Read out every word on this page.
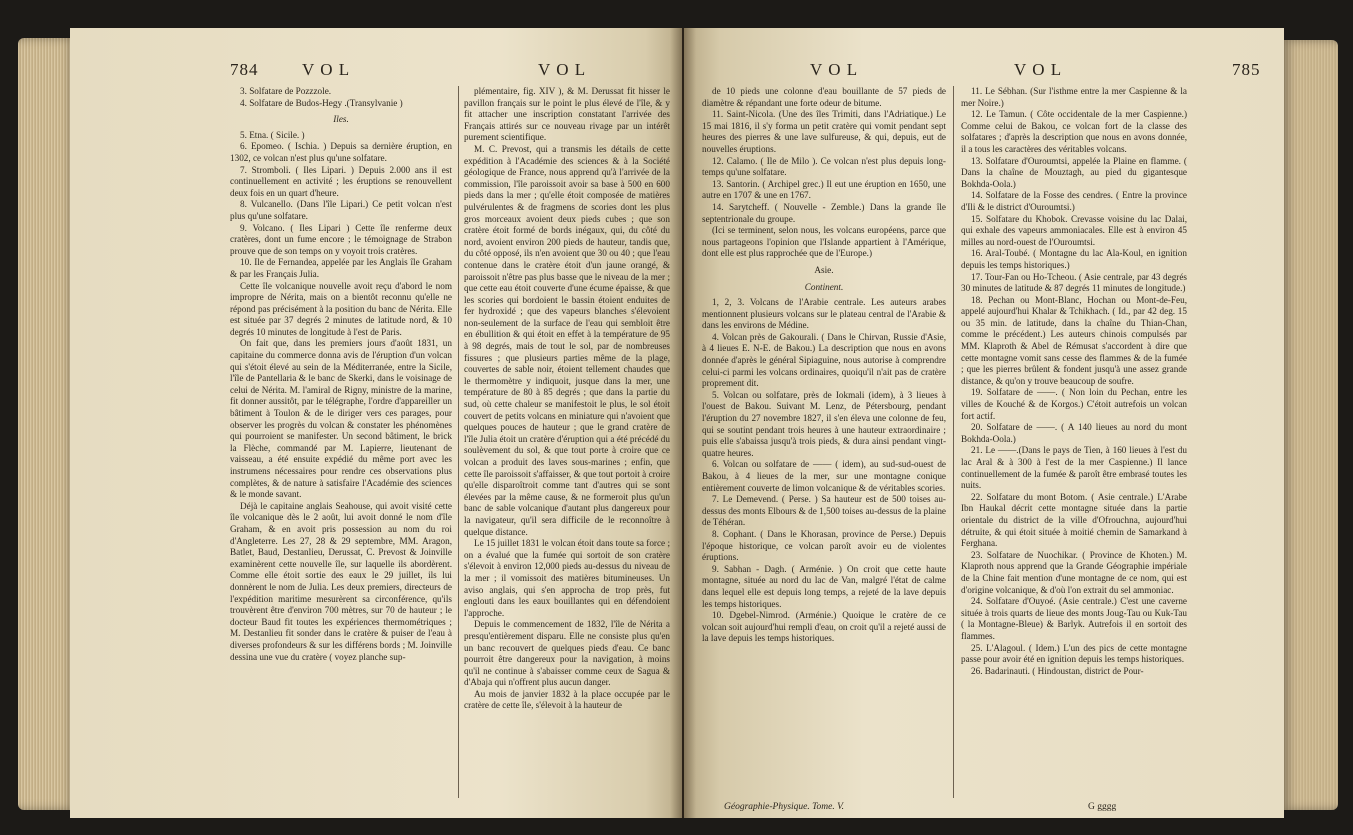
784	V O L	V O L

3. Solfatare de Pozzzole.

4. Solfatare de Budos-Hegy .(Transylvanie )

Iles.

5. Etna. ( Sicile. )

6. Epomeo. ( Ischia. ) Depuis sa dernière éruption, en 1302, ce volcan n'est plus qu'une solfatare.

7. Stromboli. ( Iles Lipari. ) Depuis 2.000 ans il est continuellement en activité ; les éruptions se renouvellent deux fois en un quart d'heure.

8. Vulcanello. (Dans l'île Lipari.) Ce petit volcan n'est plus qu'une solfatare.

9. Volcano. ( Iles Lipari ) Cette île renferme deux cratères, dont un fume encore ; le témoignage de Strabon prouve que de son temps on y voyoit trois cratères.

10. Ile de Fernandea, appelée par les Anglais île Graham & par les Français Julia.

Cette île volcanique nouvelle avoit reçu d'abord le nom impropre de Nérita, mais on a bientôt reconnu qu'elle ne répond pas précisément à la position du banc de Nérita. Elle est située par 37 degrés 2 minutes de latitude nord, & 10 degrés 10 minutes de longitude à l'est de Paris.

On fait que, dans les premiers jours d'août 1831, un capitaine du commerce donna avis de l'éruption d'un volcan qui s'étoit élevé au sein de la Méditerranée, entre la Sicile, l'île de Pantellaria & le banc de Skerki, dans le voisinage de celui de Nérita. M. l'amiral de Rigny, ministre de la marine, fit donner aussitôt, par le télégraphe, l'ordre d'appareiller un bâtiment à Toulon & de le diriger vers ces parages, pour observer les progrès du volcan & constater les phénomènes qui pourroient se manifester. Un second bâtiment, le brick la Flèche, commandé par M. Lapierre, lieutenant de vaisseau, a été ensuite expédié du même port avec les instrumens nécessaires pour rendre ces observations plus complètes, & de nature à satisfaire l'Académie des sciences & le monde savant.

Déjà le capitaine anglais Seahouse, qui avoit visité cette île volcanique dès le 2 août, lui avoit donné le nom d'île Graham, & en avoit pris possession au nom du roi d'Angleterre. Les 27, 28 & 29 septembre, MM. Aragon, Batlet, Baud, Destanlieu, Derussat, C. Prevost & Joinville examinèrent cette nouvelle île, sur laquelle ils abordèrent. Comme elle étoit sortie des eaux le 29 juillet, ils lui donnèrent le nom de Julia. Les deux premiers, directeurs de l'expédition maritime mesurèrent sa circonférence, qu'ils trouvèrent être d'environ 700 mètres, sur 70 de hauteur ; le docteur Baud fit toutes les expériences thermométriques ; M. Destanlieu fit sonder dans le cratère & puiser de l'eau à diverses profondeurs & sur les différens bords ; M. Joinville dessina une vue du cratère ( voyez planche sup-

plémentaire, fig. XIV ), & M. Derussat fit hisser le pavillon français sur le point le plus élevé de l'île, & y fit attacher une inscription constatant l'arrivée des Français attirés sur ce nouveau rivage par un intérêt purement scientifique.

M. C. Prevost, qui a transmis les détails de cette expédition à l'Académie des sciences & à la Société géologique de France, nous apprend qu'à l'arrivée de la commission, l'île paroissoit avoir sa base à 500 en 600 pieds dans la mer ; qu'elle étoit composée de matières pulvérulentes & de fragmens de scories dont les plus gros morceaux avoient deux pieds cubes ; que son cratère étoit formé de bords inégaux, qui, du côté du nord, avoient environ 200 pieds de hauteur, tandis que, du côté opposé, ils n'en avoient que 30 ou 40 ; que l'eau contenue dans le cratère étoit d'un jaune orangé, & paroissoit n'être pas plus basse que le niveau de la mer ; que cette eau étoit couverte d'une écume épaisse, & que les scories qui bordoient le bassin étoient enduites de fer hydroxidé ; que des vapeurs blanches s'élevoient non-seulement de la surface de l'eau qui sembloit être en ébullition & qui étoit en effet à la température de 95 à 98 degrés, mais de tout le sol, par de nombreuses fissures ; que plusieurs parties même de la plage, couvertes de sable noir, étoient tellement chaudes que le thermomètre y indiquoit, jusque dans la mer, une température de 80 à 85 degrés ; que dans la partie du sud, où cette chaleur se manifestoit le plus, le sol étoit couvert de petits volcans en miniature qui n'avoient que quelques pouces de hauteur ; que le grand cratère de l'île Julia étoit un cratère d'éruption qui a été précédé du soulèvement du sol, & que tout porte à croire que ce volcan a produit des laves sous-marines ; enfin, que cette île paroissoit s'affaisser, & que tout portoit à croire qu'elle disparoîtroit comme tant d'autres qui se sont élevées par la même cause, & ne formeroit plus qu'un banc de sable volcanique d'autant plus dangereux pour la navigateur, qu'il sera difficile de le reconnoître à quelque distance.

Le 15 juillet 1831 le volcan étoit dans toute sa force ; on a évalué que la fumée qui sortoit de son cratère s'élevoit à environ 12,000 pieds au-dessus du niveau de la mer ; il vomissoit des matières bitumineuses. Un aviso anglais, qui s'en approcha de trop près, fut englouti dans les eaux bouillantes qui en défendoient l'approche.

Depuis le commencement de 1832, l'île de Nérita a presqu'entièrement disparu. Elle ne consiste plus qu'en un banc recouvert de quelques pieds d'eau. Ce banc pourroit être dangereux pour la navigation, à moins qu'il ne continue à s'abaisser comme ceux de Sagua & d'Abaja qui n'offrent plus aucun danger.

Au mois de janvier 1832 à la place occupée par le cratère de cette île, s'élevoit à la hauteur de

V O L	V O L	785

de 10 pieds une colonne d'eau bouillante de 57 pieds de diamètre & répandant une forte odeur de bitume.

11. Saint-Nicola. (Une des îles Trimiti, dans l'Adriatique.) Le 15 mai 1816, il s'y forma un petit cratère qui vomit pendant sept heures des pierres & une lave sulfureuse, & qui, depuis, eut de nouvelles éruptions.

12. Calamo. ( Ile de Milo ). Ce volcan n'est plus depuis long-temps qu'une solfatare.

13. Santorin. ( Archipel grec.) Il eut une éruption en 1650, une autre en 1707 & une en 1767.

14. Sarytcheff. ( Nouvelle - Zemble.) Dans la grande île septentrionale du groupe.

(Ici se terminent, selon nous, les volcans européens, parce que nous partageons l'opinion que l'Islande appartient à l'Amérique, dont elle est plus rapprochée que de l'Europe.)

Asie.

Continent.

1, 2, 3. Volcans de l'Arabie centrale. Les auteurs arabes mentionnent plusieurs volcans sur le plateau central de l'Arabie & dans les environs de Médine.

4. Volcan près de Gakourali. ( Dans le Chirvan, Russie d'Asie, à 4 lieues E. N-E. de Bakou.) La description que nous en avons donnée d'après le général Sipiaguine, nous autorise à comprendre celui-ci parmi les volcans ordinaires, quoiqu'il n'ait pas de cratère proprement dit.

5. Volcan ou solfatare, près de Iokmali (idem), à 3 lieues à l'ouest de Bakou. Suivant M. Lenz, de Pétersbourg, pendant l'éruption du 27 novembre 1827, il s'en éleva une colonne de feu, qui se soutint pendant trois heures à une hauteur extraordinaire ; puis elle s'abaissa jusqu'à trois pieds, & dura ainsi pendant vingt-quatre heures.

6. Volcan ou solfatare de —— ( idem), au sud-sud-ouest de Bakou, à 4 lieues de la mer, sur une montagne conique entièrement couverte de limon volcanique & de véritables scories.

7. Le Demevend. ( Perse. ) Sa hauteur est de 500 toises au-dessus des monts Elbours & de 1,500 toises au-dessus de la plaine de Téhéran.

8. Cophant. ( Dans le Khorasan, province de Perse.) Depuis l'époque historique, ce volcan paroît avoir eu de violentes éruptions.

9. Sabhan - Dagh. ( Arménie. ) On croit que cette haute montagne, située au nord du lac de Van, malgré l'état de calme dans lequel elle est depuis long temps, a rejeté de la lave depuis les temps historiques.

10. Dgebel-Nimrod. (Arménie.) Quoique le cratère de ce volcan soit aujourd'hui rempli d'eau, on croit qu'il a rejeté aussi de la lave depuis les temps historiques.

11. Le Sébhan. (Sur l'isthme entre la mer Caspienne & la mer Noire.)

12. Le Tamun. ( Côte occidentale de la mer Caspienne.) Comme celui de Bakou, ce volcan fort de la classe des solfatares ; d'après la description que nous en avons donnée, il a tous les caractères des véritables volcans.

13. Solfatare d'Ouroumtsi, appelée la Plaine en flamme. ( Dans la chaîne de Mouztagh, au pied du gigantesque Bokhda-Oola.)

14. Solfatare de la Fosse des cendres. ( Entre la province d'Ili & le district d'Ouroumtsi.)

15. Solfatare du Khobok. Crevasse voisine du lac Dalai, qui exhale des vapeurs ammoniacales. Elle est à environ 45 milles au nord-ouest de l'Ouroumtsi.

16. Aral-Toubé. ( Montagne du lac Ala-Koul, en ignition depuis les temps historiques.)

17. Tour-Fan ou Ho-Tcheou. ( Asie centrale, par 43 degrés 30 minutes de latitude & 87 degrés 11 minutes de longitude.)

18. Pechan ou Mont-Blanc, Hochan ou Mont-de-Feu, appelé aujourd'hui Khalar & Tchikhach. ( Id., par 42 deg. 15 ou 35 min. de latitude, dans la chaîne du Thian-Chan, comme le précédent.) Les auteurs chinois compulsés par MM. Klaproth & Abel de Rémusat s'accordent à dire que cette montagne vomit sans cesse des flammes & de la fumée ; que les pierres brûlent & fondent jusqu'à une assez grande distance, & qu'on y trouve beaucoup de soufre.

19. Solfatare de ——. ( Non loin du Pechan, entre les villes de Kouché & de Korgos.) C'étoit autrefois un volcan fort actif.

20. Solfatare de ——. ( A 140 lieues au nord du mont Bokhda-Oola.)

21. Le ——.(Dans le pays de Tien, à 160 lieues à l'est du lac Aral & à 300 à l'est de la mer Caspienne.) Il lance continuellement de la fumée & paroît être embrasé toutes les nuits.

22. Solfatare du mont Botom. ( Asie centrale.) L'Arabe Ibn Haukal décrit cette montagne située dans la partie orientale du district de la ville d'Ofrouchna, aujourd'hui détruite, & qui étoit située à moitié chemin de Samarkand à Ferghana.

23. Solfatare de Nuochikar. ( Province de Khoten.) M. Klaproth nous apprend que la Grande Géographie impériale de la Chine fait mention d'une montagne de ce nom, qui est d'origine volcanique, & d'où l'on extrait du sel ammoniac.

24. Solfatare d'Ouyoé. (Asie centrale.) C'est une caverne située à trois quarts de lieue des monts Joug-Tau ou Kuk-Tau ( la Montagne-Bleue) & Barlyk. Autrefois il en sortoit des flammes.

25. L'Alagoul. ( Idem.) L'un des pics de cette montagne passe pour avoir été en ignition depuis les temps historiques.

26. Badarinauti. ( Hindoustan, district de Pour-

Géographie-Physique. Tome. V.	G gggg
